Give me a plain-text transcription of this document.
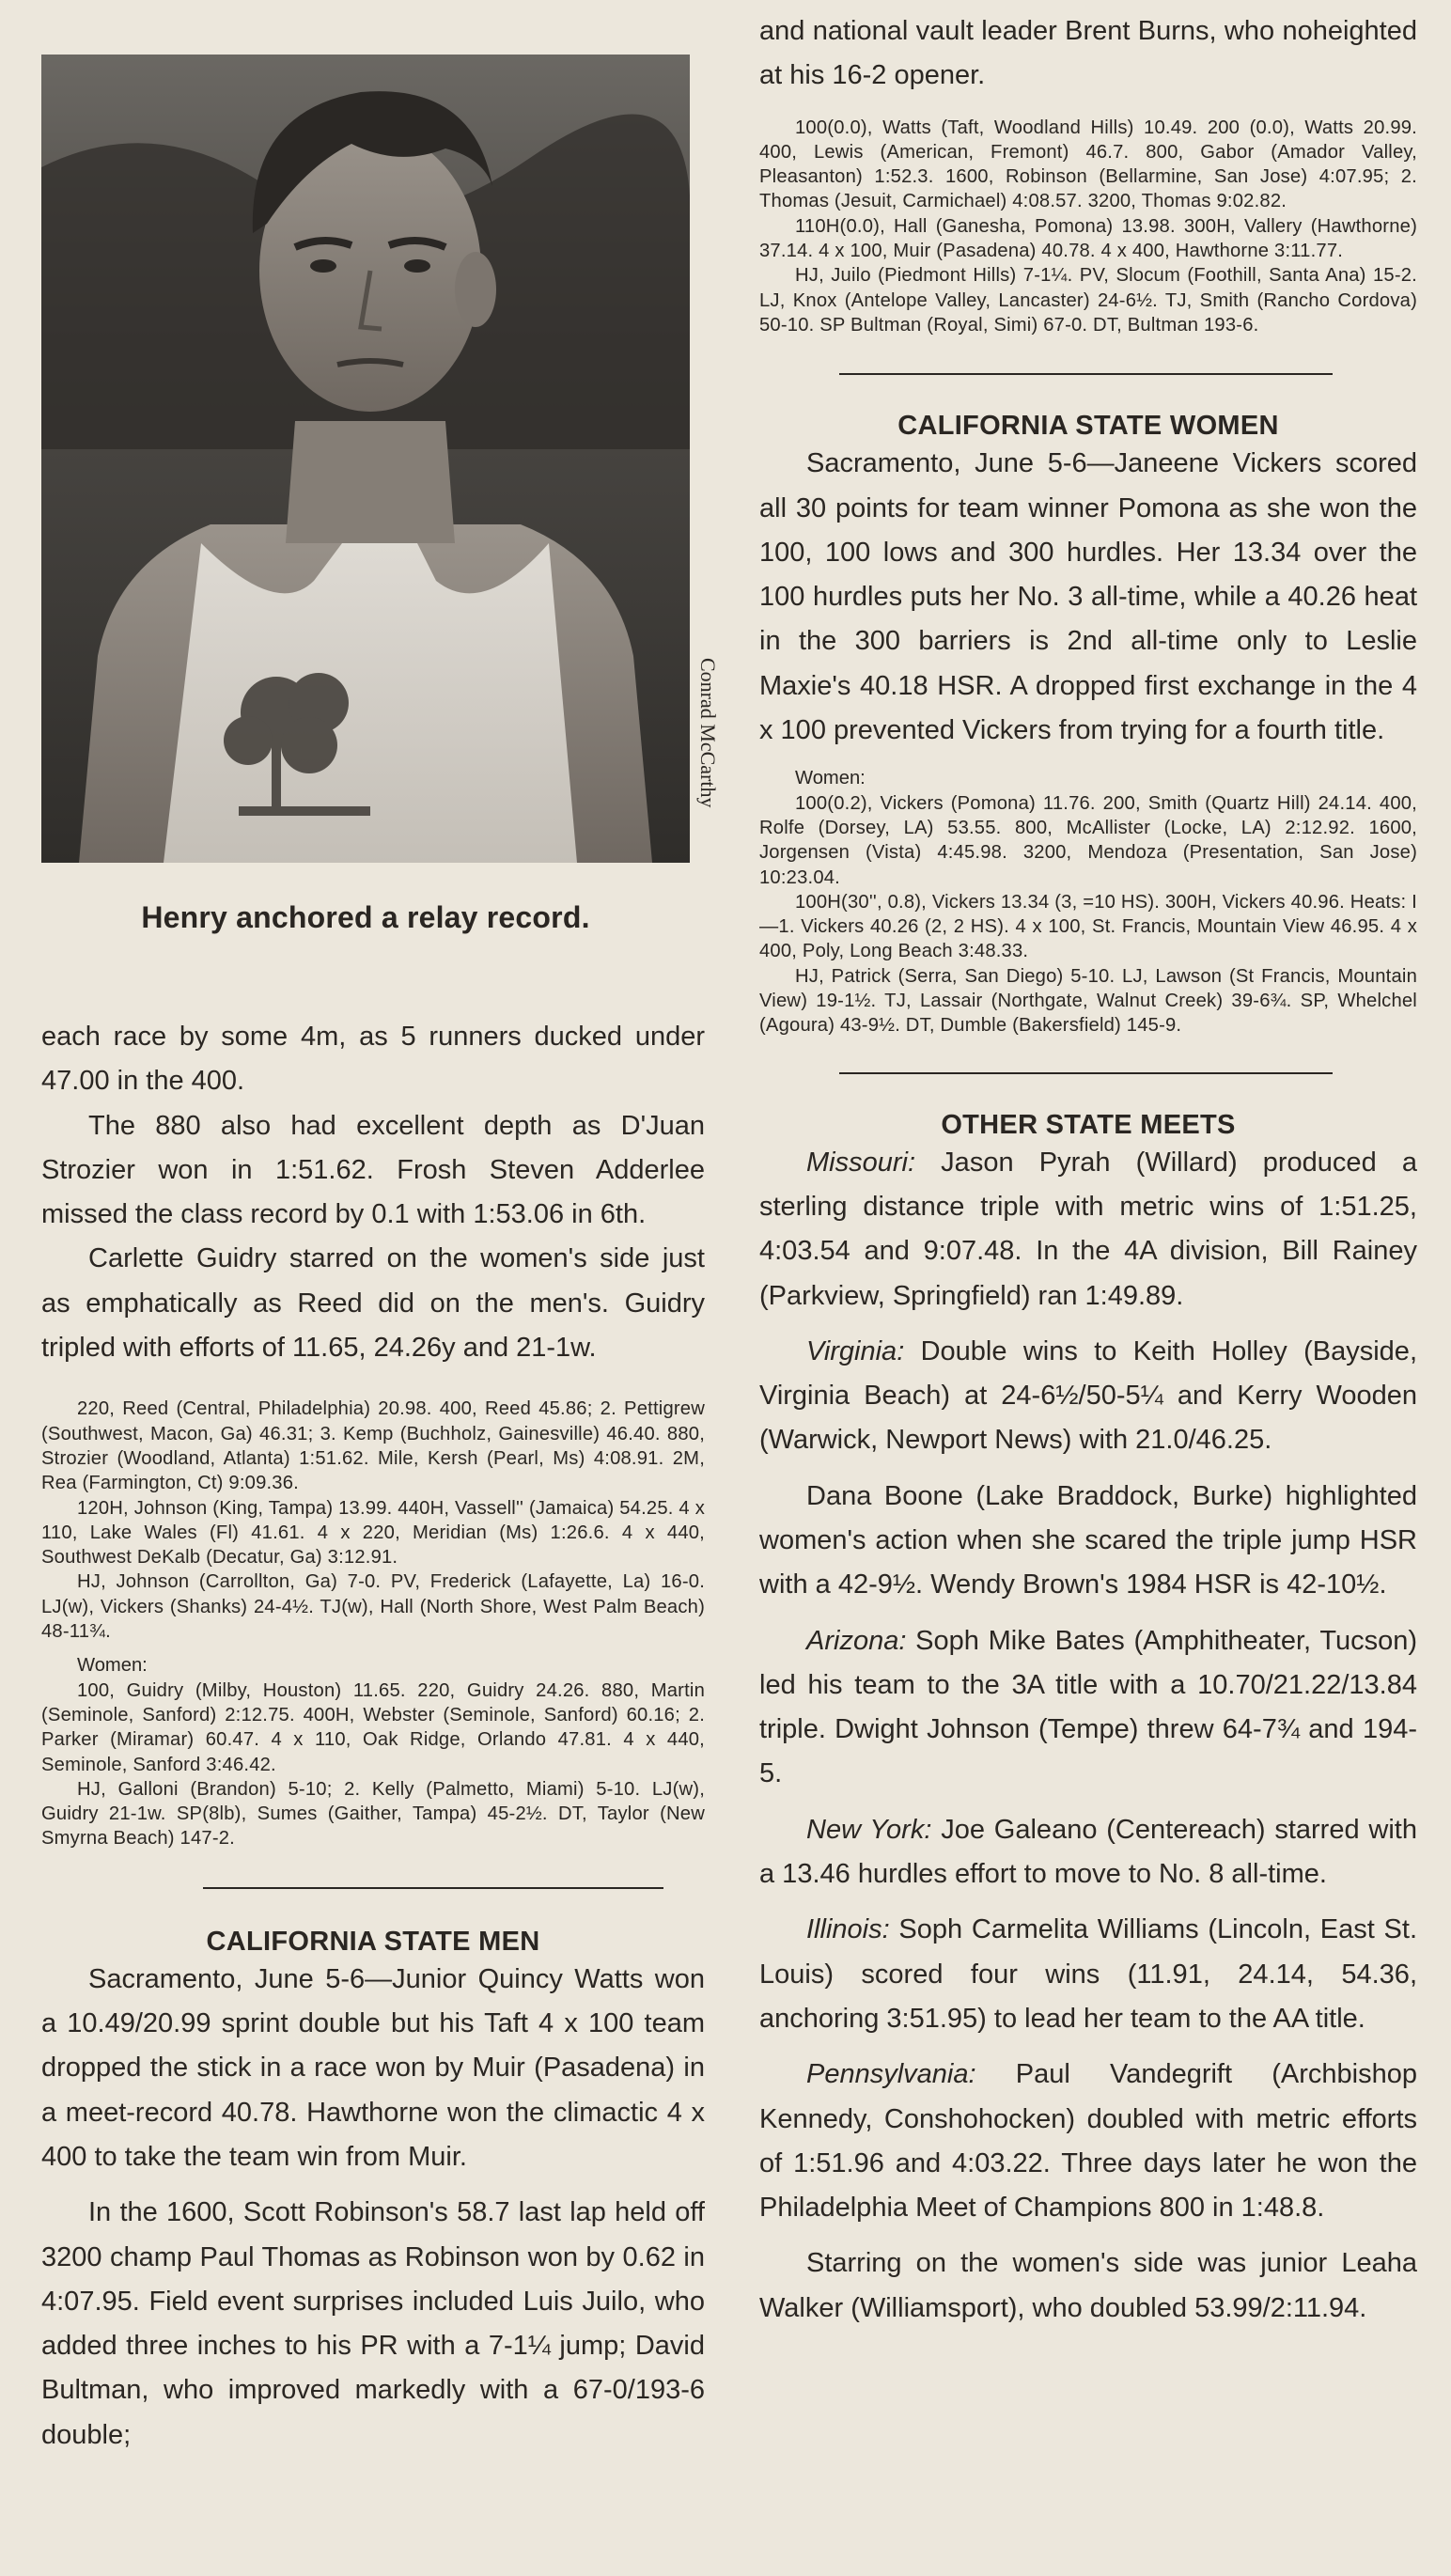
Conrad McCarthy
Henry anchored a relay record.

each race by some 4m, as 5 runners ducked under 47.00 in the 400.

The 880 also had excellent depth as D'Juan Strozier won in 1:51.62. Frosh Steven Adderlee missed the class record by 0.1 with 1:53.06 in 6th.

Carlette Guidry starred on the women's side just as emphatically as Reed did on the men's. Guidry tripled with efforts of 11.65, 24.26y and 21-1w.

220, Reed (Central, Philadelphia) 20.98. 400, Reed 45.86; 2. Pettigrew (Southwest, Macon, Ga) 46.31; 3. Kemp (Buchholz, Gainesville) 46.40. 880, Strozier (Woodland, Atlanta) 1:51.62. Mile, Kersh (Pearl, Ms) 4:08.91. 2M, Rea (Farmington, Ct) 9:09.36.

120H, Johnson (King, Tampa) 13.99. 440H, Vassell'' (Jamaica) 54.25. 4 x 110, Lake Wales (Fl) 41.61. 4 x 220, Meridian (Ms) 1:26.6. 4 x 440, Southwest DeKalb (Decatur, Ga) 3:12.91.

HJ, Johnson (Carrollton, Ga) 7-0. PV, Frederick (Lafayette, La) 16-0. LJ(w), Vickers (Shanks) 24-4½. TJ(w), Hall (North Shore, West Palm Beach) 48-11¾.

Women:

100, Guidry (Milby, Houston) 11.65. 220, Guidry 24.26. 880, Martin (Seminole, Sanford) 2:12.75. 400H, Webster (Seminole, Sanford) 60.16; 2. Parker (Miramar) 60.47. 4 x 110, Oak Ridge, Orlando 47.81. 4 x 440, Seminole, Sanford 3:46.42.

HJ, Galloni (Brandon) 5-10; 2. Kelly (Palmetto, Miami) 5-10. LJ(w), Guidry 21-1w. SP(8lb), Sumes (Gaither, Tampa) 45-2½. DT, Taylor (New Smyrna Beach) 147-2.

CALIFORNIA STATE MEN

Sacramento, June 5-6—Junior Quincy Watts won a 10.49/20.99 sprint double but his Taft 4 x 100 team dropped the stick in a race won by Muir (Pasadena) in a meet-record 40.78. Hawthorne won the climactic 4 x 400 to take the team win from Muir.

In the 1600, Scott Robinson's 58.7 last lap held off 3200 champ Paul Thomas as Robinson won by 0.62 in 4:07.95. Field event surprises included Luis Juilo, who added three inches to his PR with a 7-1¼ jump; David Bultman, who improved markedly with a 67-0/193-6 double;

and national vault leader Brent Burns, who noheighted at his 16-2 opener.

100(0.0), Watts (Taft, Woodland Hills) 10.49. 200 (0.0), Watts 20.99. 400, Lewis (American, Fremont) 46.7. 800, Gabor (Amador Valley, Pleasanton) 1:52.3. 1600, Robinson (Bellarmine, San Jose) 4:07.95; 2. Thomas (Jesuit, Carmichael) 4:08.57. 3200, Thomas 9:02.82.

110H(0.0), Hall (Ganesha, Pomona) 13.98. 300H, Vallery (Hawthorne) 37.14. 4 x 100, Muir (Pasadena) 40.78. 4 x 400, Hawthorne 3:11.77.

HJ, Juilo (Piedmont Hills) 7-1¼. PV, Slocum (Foothill, Santa Ana) 15-2. LJ, Knox (Antelope Valley, Lancaster) 24-6½. TJ, Smith (Rancho Cordova) 50-10. SP Bultman (Royal, Simi) 67-0. DT, Bultman 193-6.

CALIFORNIA STATE WOMEN

Sacramento, June 5-6—Janeene Vickers scored all 30 points for team winner Pomona as she won the 100, 100 lows and 300 hurdles. Her 13.34 over the 100 hurdles puts her No. 3 all-time, while a 40.26 heat in the 300 barriers is 2nd all-time only to Leslie Maxie's 40.18 HSR. A dropped first exchange in the 4 x 100 prevented Vickers from trying for a fourth title.

Women:

100(0.2), Vickers (Pomona) 11.76. 200, Smith (Quartz Hill) 24.14. 400, Rolfe (Dorsey, LA) 53.55. 800, McAllister (Locke, LA) 2:12.92. 1600, Jorgensen (Vista) 4:45.98. 3200, Mendoza (Presentation, San Jose) 10:23.04.

100H(30'', 0.8), Vickers 13.34 (3, =10 HS). 300H, Vickers 40.96. Heats: I—1. Vickers 40.26 (2, 2 HS). 4 x 100, St. Francis, Mountain View 46.95. 4 x 400, Poly, Long Beach 3:48.33.

HJ, Patrick (Serra, San Diego) 5-10. LJ, Lawson (St Francis, Mountain View) 19-1½. TJ, Lassair (Northgate, Walnut Creek) 39-6¾. SP, Whelchel (Agoura) 43-9½. DT, Dumble (Bakersfield) 145-9.

OTHER STATE MEETS

Missouri: Jason Pyrah (Willard) produced a sterling distance triple with metric wins of 1:51.25, 4:03.54 and 9:07.48. In the 4A division, Bill Rainey (Parkview, Springfield) ran 1:49.89.

Virginia: Double wins to Keith Holley (Bayside, Virginia Beach) at 24-6½/50-5¼ and Kerry Wooden (Warwick, Newport News) with 21.0/46.25.

Dana Boone (Lake Braddock, Burke) highlighted women's action when she scared the triple jump HSR with a 42-9½. Wendy Brown's 1984 HSR is 42-10½.

Arizona: Soph Mike Bates (Amphitheater, Tucson) led his team to the 3A title with a 10.70/21.22/13.84 triple. Dwight Johnson (Tempe) threw 64-7¾ and 194-5.

New York: Joe Galeano (Centereach) starred with a 13.46 hurdles effort to move to No. 8 all-time.

Illinois: Soph Carmelita Williams (Lincoln, East St. Louis) scored four wins (11.91, 24.14, 54.36, anchoring 3:51.95) to lead her team to the AA title.

Pennsylvania: Paul Vandegrift (Archbishop Kennedy, Conshohocken) doubled with metric efforts of 1:51.96 and 4:03.22. Three days later he won the Philadelphia Meet of Champions 800 in 1:48.8.

Starring on the women's side was junior Leaha Walker (Williamsport), who doubled 53.99/2:11.94.
